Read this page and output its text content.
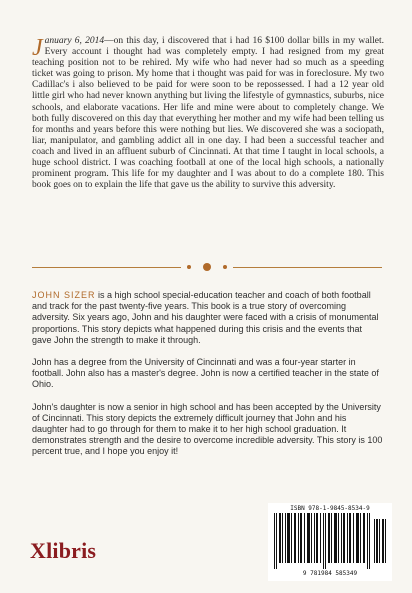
January 6, 2014—on this day, i discovered that i had 16 $100 dollar bills in my wallet. Every account i thought had was completely empty. I had resigned from my great teaching position not to be rehired. My wife who had never had so much as a speeding ticket was going to prison. My home that i thought was paid for was in foreclosure. My two Cadillac's i also believed to be paid for were soon to be repossessed. I had a 12 year old little girl who had never known anything but living the lifestyle of gymnastics, suburbs, nice schools, and elaborate vacations. Her life and mine were about to completely change. We both fully discovered on this day that everything her mother and my wife had been telling us for months and years before this were nothing but lies. We discovered she was a sociopath, liar, manipulator, and gambling addict all in one day. I had been a successful teacher and coach and lived in an affluent suburb of Cincinnati. At that time I taught in local schools, a huge school district. I was coaching football at one of the local high schools, a nationally prominent program. This life for my daughter and I was about to do a complete 180. This book goes on to explain the life that gave us the ability to survive this adversity.

JOHN SIZER is a high school special-education teacher and coach of both football and track for the past twenty-five years. This book is a true story of overcoming adversity. Six years ago, John and his daughter were faced with a crisis of monumental proportions. This story depicts what happened during this crisis and the events that gave John the strength to make it through.

John has a degree from the University of Cincinnati and was a four-year starter in football. John also has a master's degree. John is now a certified teacher in the state of Ohio.

John's daughter is now a senior in high school and has been accepted by the University of Cincinnati. This story depicts the extremely difficult journey that John and his daughter had to go through for them to make it to her high school graduation. It demonstrates strength and the desire to overcome incredible adversity. This story is 100 percent true, and I hope you enjoy it!

Xlibris
ISBN 978-1-9845-8534-9
9 781984 585349
